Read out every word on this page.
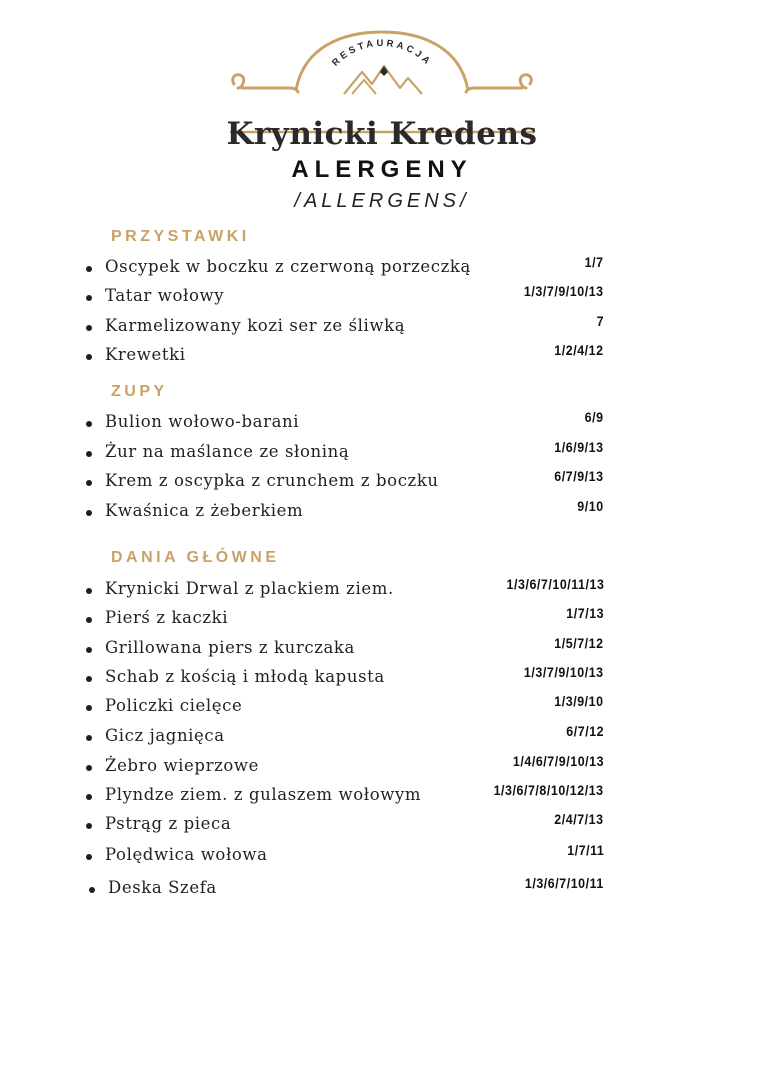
RESTAURACJA
Krynicki Kredens
ALERGENY
/ALLERGENS/
PRZYSTAWKI
Oscypek w boczku z czerwoną porzeczką	1/7
Tatar wołowy	1/3/7/9/10/13
Karmelizowany kozi ser ze śliwką	7
Krewetki	1/2/4/12
ZUPY
Bulion wołowo-barani	6/9
Żur na maślance ze słoniną	1/6/9/13
Krem z oscypka z crunchem z boczku	6/7/9/13
Kwaśnica z żeberkiem	9/10
DANIA GŁÓWNE
Krynicki Drwal z plackiem ziem.	1/3/6/7/10/11/13
Pierś z kaczki	1/7/13
Grillowana piers z kurczaka	1/5/7/12
Schab z kością i młodą kapusta	1/3/7/9/10/13
Policzki cielęce	1/3/9/10
Gicz jagnięca	6/7/12
Żebro wieprzowe	1/4/6/7/9/10/13
Plyndze ziem. z gulaszem wołowym	1/3/6/7/8/10/12/13
Pstrąg z pieca	2/4/7/13
Polędwica wołowa	1/7/11
Deska Szefa	1/3/6/7/10/11
